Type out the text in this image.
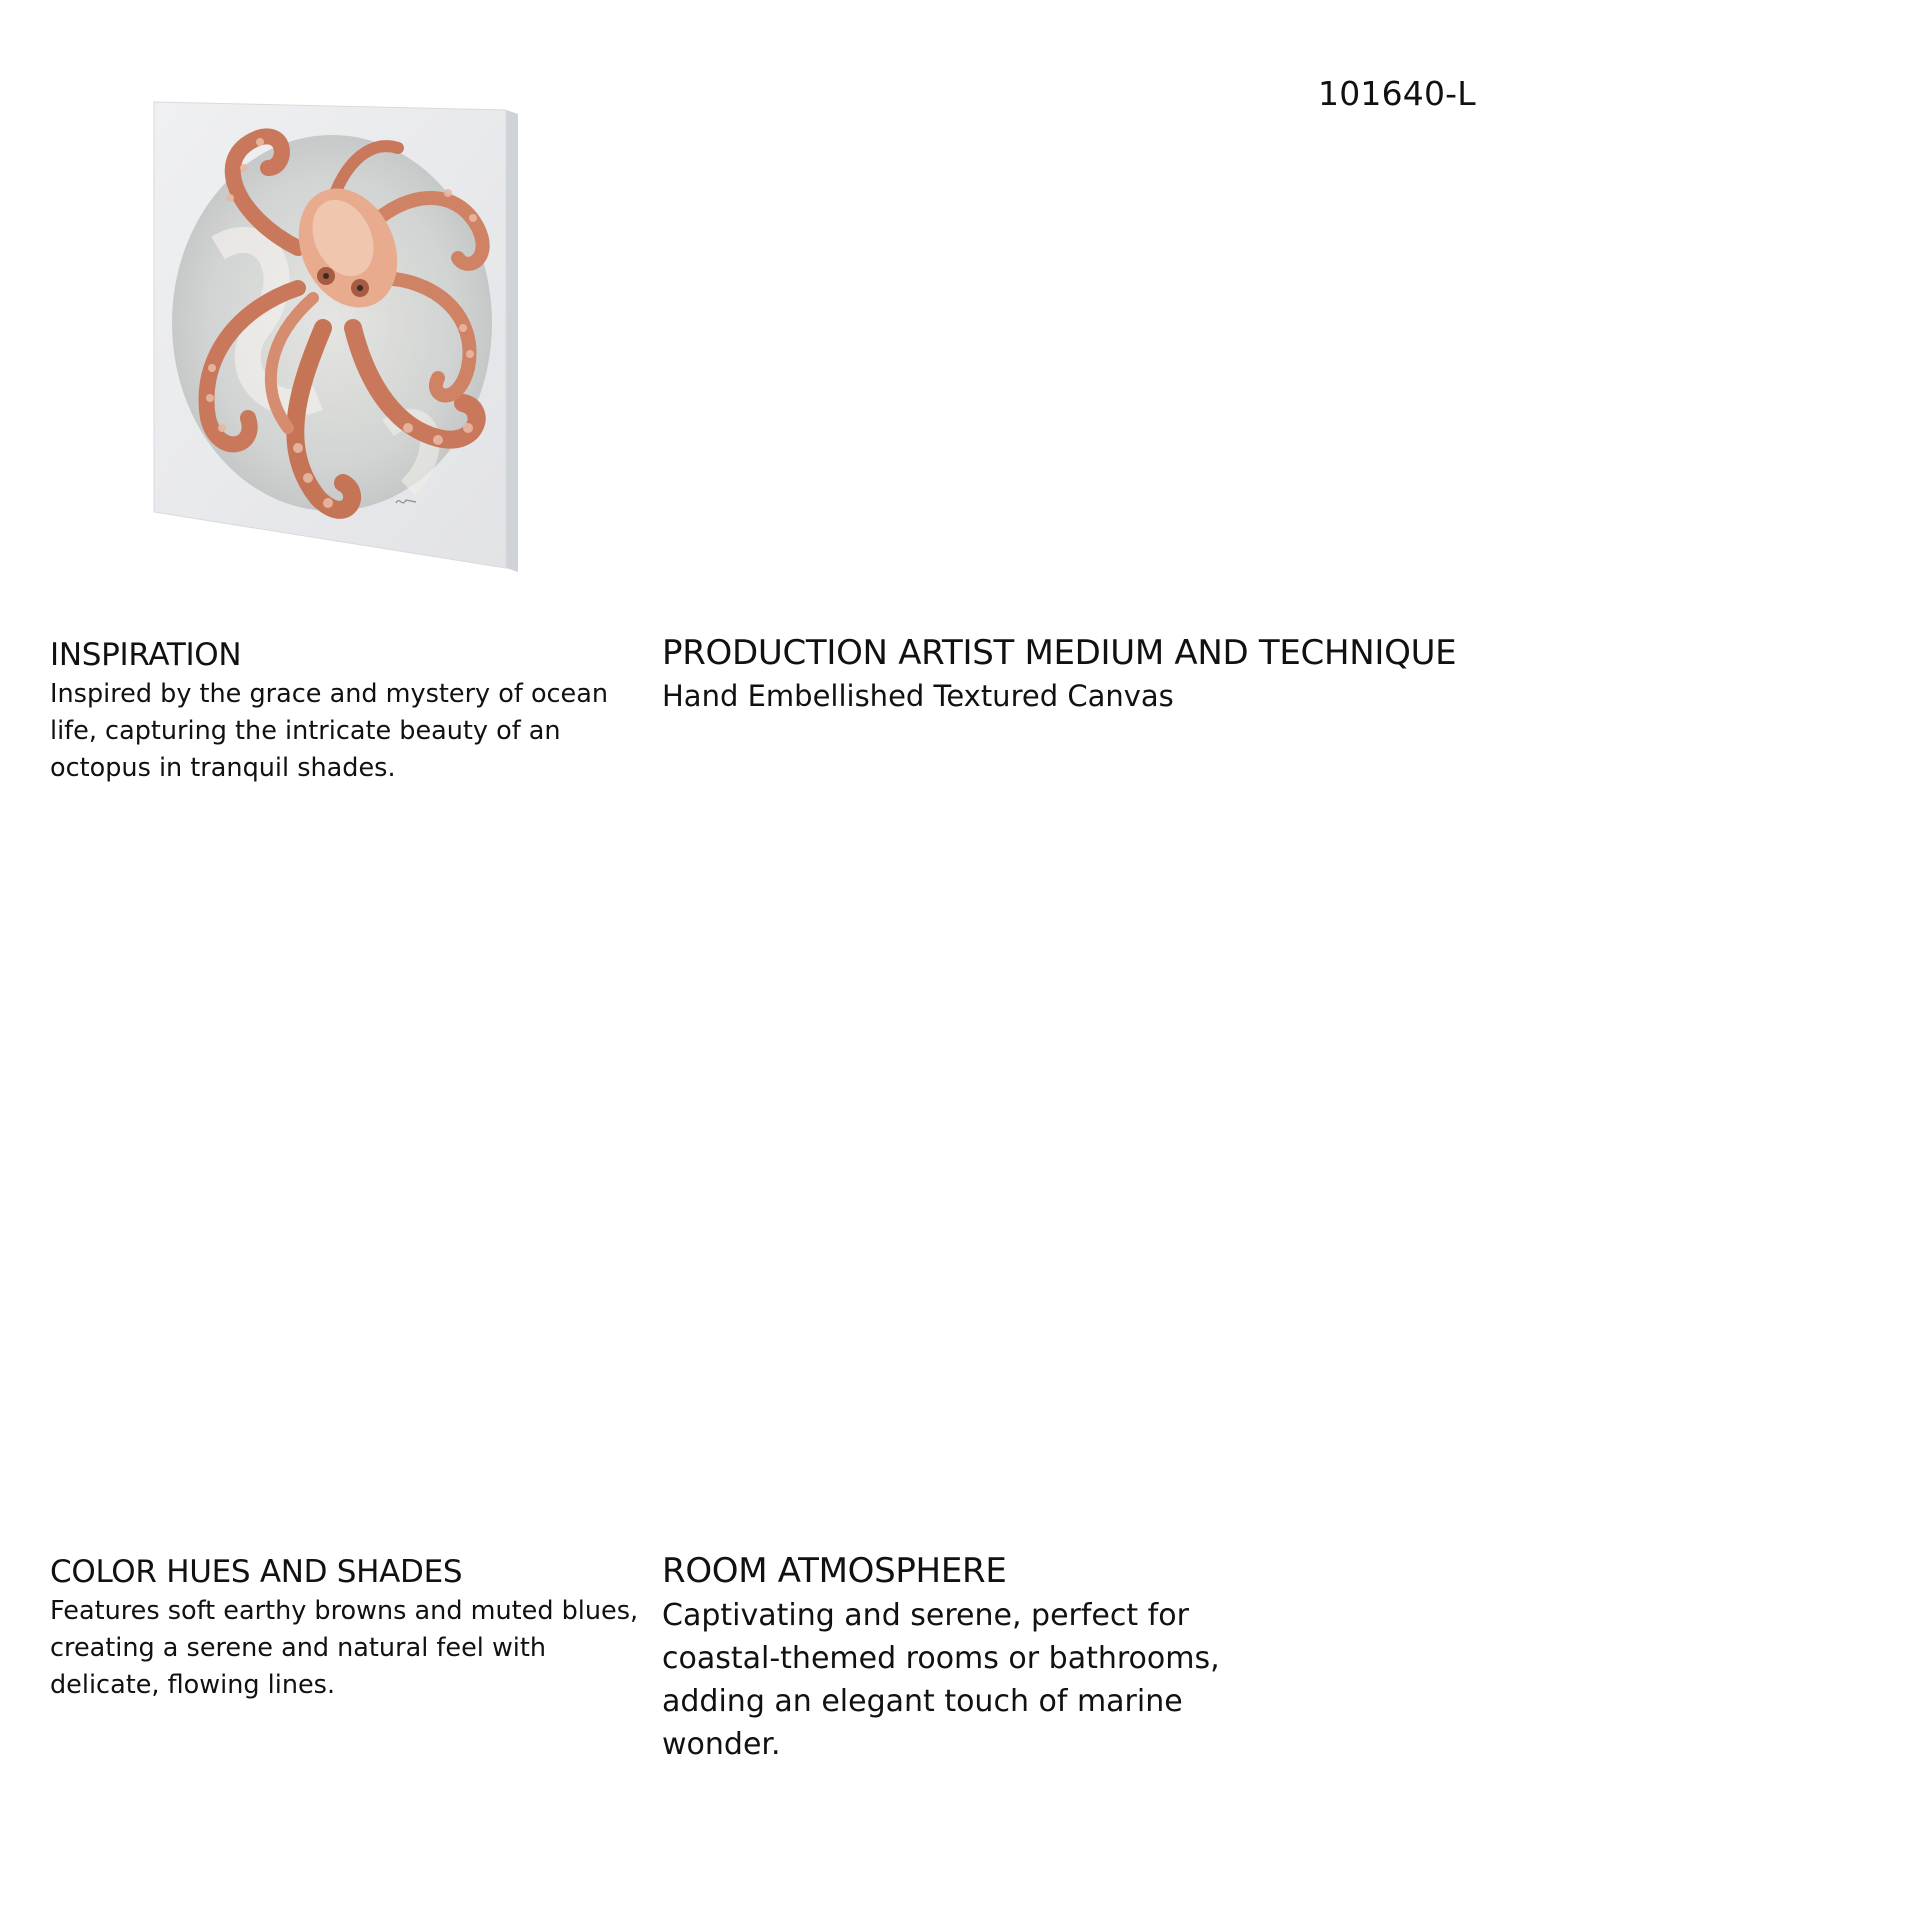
101640-L
INSPIRATION

Inspired by the grace and mystery of ocean life, capturing the intricate beauty of an octopus in tranquil shades.

PRODUCTION ARTIST MEDIUM AND TECHNIQUE

Hand Embellished Textured Canvas

COLOR HUES AND SHADES

Features soft earthy browns and muted blues, creating a serene and natural feel with delicate, flowing lines.

ROOM ATMOSPHERE

Captivating and serene, perfect for coastal-themed rooms or bathrooms, adding an elegant touch of marine wonder.
